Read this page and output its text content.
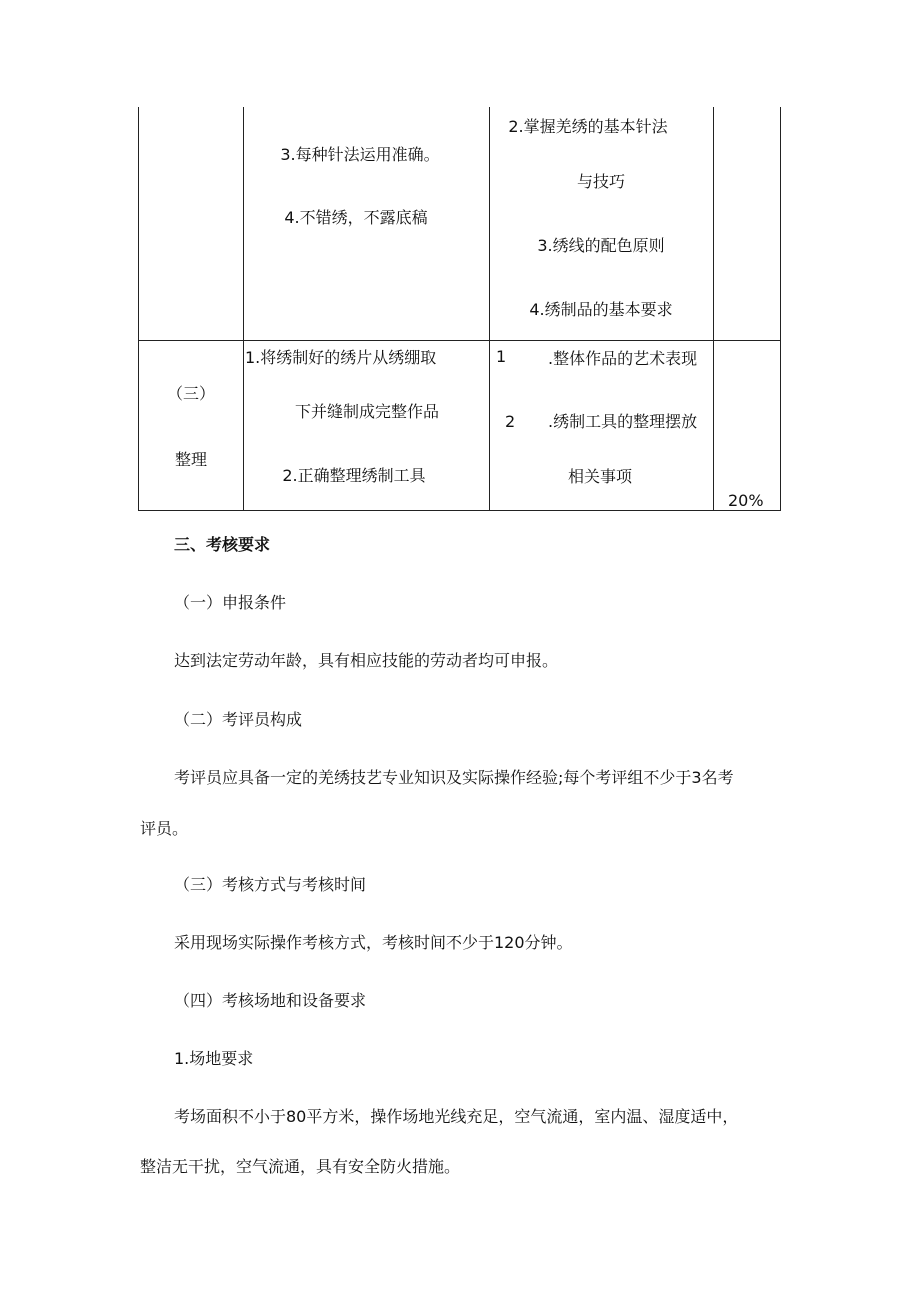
3.每种针法运用准确。
4.不错绣，不露底稿
2.掌握羌绣的基本针法
与技巧
3.绣线的配色原则
4.绣制品的基本要求
（三）
整理
1.将绣制好的绣片从绣绷取
下并缝制成完整作品
2.正确整理绣制工具
1	.整体作品的艺术表现
2 .绣制工具的整理摆放
相关事项
20%
三、考核要求
（一）申报条件
达到法定劳动年龄，具有相应技能的劳动者均可申报。
（二）考评员构成
考评员应具备一定的羌绣技艺专业知识及实际操作经验;每个考评组不少于3名考
评员。
（三）考核方式与考核时间
采用现场实际操作考核方式，考核时间不少于120分钟。
（四）考核场地和设备要求
1.场地要求
考场面积不小于80平方米，操作场地光线充足，空气流通，室内温、湿度适中，
整洁无干扰，空气流通，具有安全防火措施。
